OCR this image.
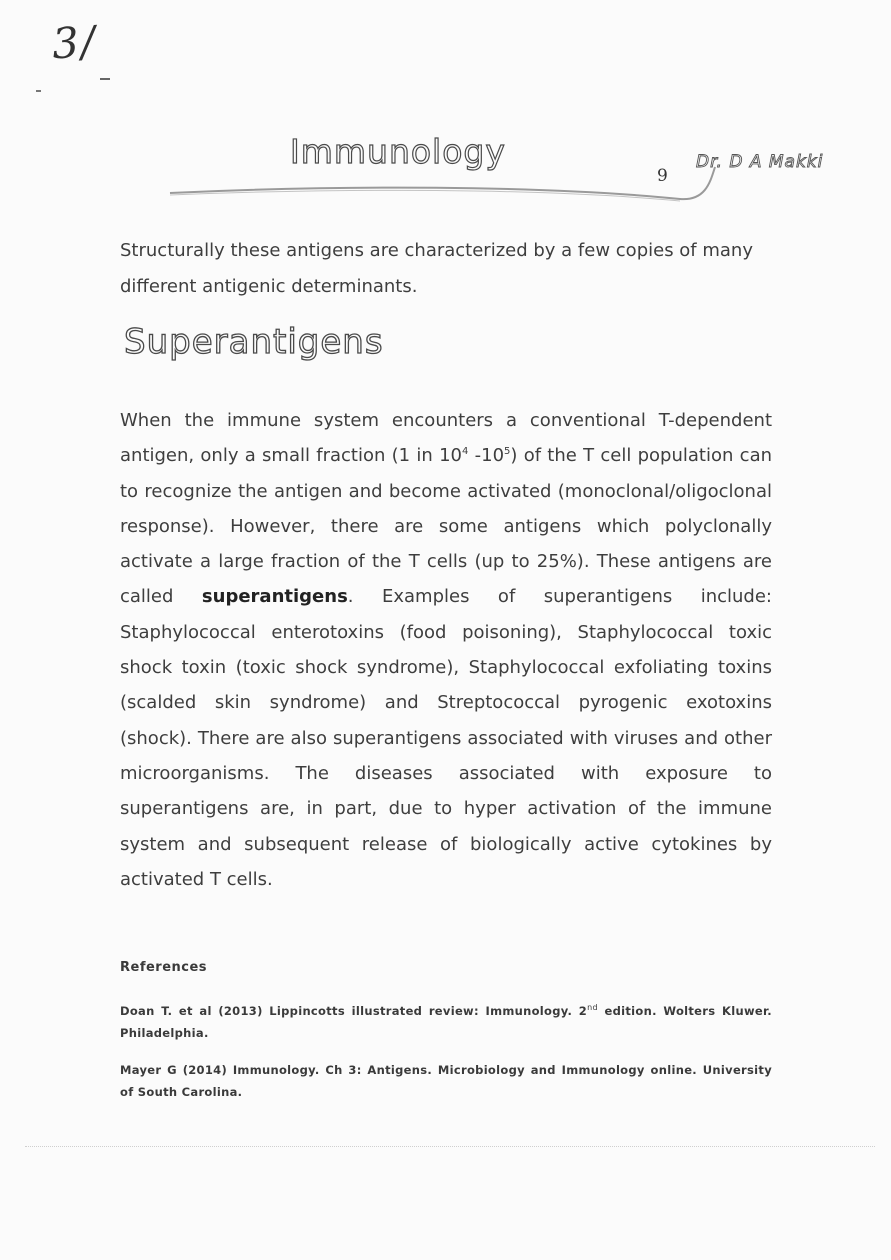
3/
Immunology
9
Dr. D A Makki
Structurally these antigens are characterized by a few copies of many different antigenic determinants.
Superantigens
When the immune system encounters a conventional T-dependent antigen, only a small fraction (1 in $10^4$ $-10^5$) of the T cell population can to recognize the antigen and become activated (monoclonal/oligoclonal response). However, there are some antigens which polyclonally activate a large fraction of the T cells (up to 25%). These antigens are called superantigens. Examples of superantigens include: Staphylococcal enterotoxins (food poisoning), Staphylococcal toxic shock toxin (toxic shock syndrome), Staphylococcal exfoliating toxins (scalded skin syndrome) and Streptococcal pyrogenic exotoxins (shock). There are also superantigens associated with viruses and other microorganisms. The diseases associated with exposure to superantigens are, in part, due to hyper activation of the immune system and subsequent release of biologically active cytokines by activated T cells.
References
Doan T. et al (2013) Lippincotts illustrated review: Immunology. 2nd edition. Wolters Kluwer. Philadelphia.
Mayer G (2014) Immunology. Ch 3: Antigens. Microbiology and Immunology online. University of South Carolina.
